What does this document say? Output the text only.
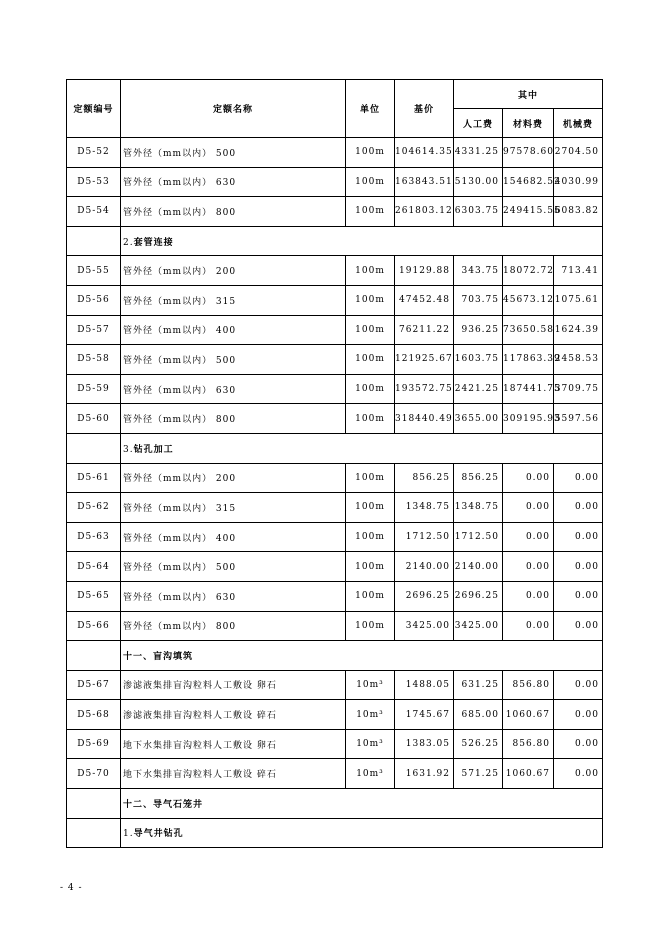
定额编号	定额名称	单位	基价	其中		
				人工费	材料费	机械费
D5-52	管外径（mm以内） 500	100m	104614.35	4331.25	97578.60	2704.50
D5-53	管外径（mm以内） 630	100m	163843.51	5130.00	154682.52	4030.99
D5-54	管外径（mm以内） 800	100m	261803.12	6303.75	249415.55	6083.82
	2.套管连接					
D5-55	管外径（mm以内） 200	100m	19129.88	343.75	18072.72	713.41
D5-56	管外径（mm以内） 315	100m	47452.48	703.75	45673.12	1075.61
D5-57	管外径（mm以内） 400	100m	76211.22	936.25	73650.58	1624.39
D5-58	管外径（mm以内） 500	100m	121925.67	1603.75	117863.39	2458.53
D5-59	管外径（mm以内） 630	100m	193572.75	2421.25	187441.75	3709.75
D5-60	管外径（mm以内） 800	100m	318440.49	3655.00	309195.93	5597.56
	3.钻孔加工					
D5-61	管外径（mm以内） 200	100m	856.25	856.25	0.00	0.00
D5-62	管外径（mm以内） 315	100m	1348.75	1348.75	0.00	0.00
D5-63	管外径（mm以内） 400	100m	1712.50	1712.50	0.00	0.00
D5-64	管外径（mm以内） 500	100m	2140.00	2140.00	0.00	0.00
D5-65	管外径（mm以内） 630	100m	2696.25	2696.25	0.00	0.00
D5-66	管外径（mm以内） 800	100m	3425.00	3425.00	0.00	0.00
	十一、盲沟填筑					
D5-67	渗滤液集排盲沟粒料人工敷设 卵石	10m³	1488.05	631.25	856.80	0.00
D5-68	渗滤液集排盲沟粒料人工敷设 碎石	10m³	1745.67	685.00	1060.67	0.00
D5-69	地下水集排盲沟粒料人工敷设 卵石	10m³	1383.05	526.25	856.80	0.00
D5-70	地下水集排盲沟粒料人工敷设 碎石	10m³	1631.92	571.25	1060.67	0.00
	十二、导气石笼井					
	1.导气井钻孔					
- 4 -
